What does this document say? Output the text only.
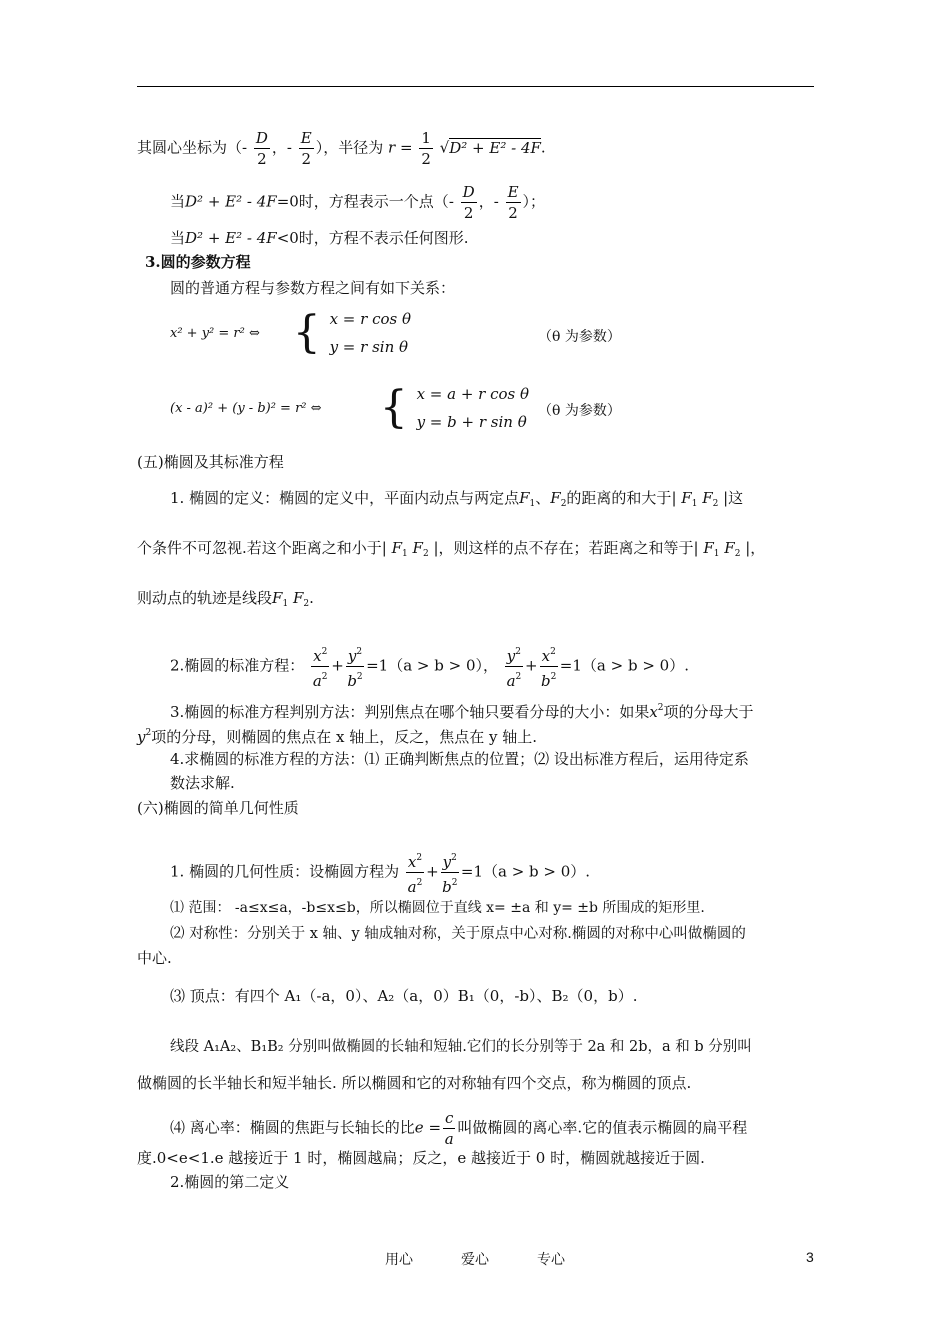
其圆心坐标为（- $\frac{D}{2}$ ，- $\frac{E}{2}$ ），半径为 $r = \frac{1}{2} √D^2 + E^2 - 4F$.
当D² + E² - 4F=0时，方程表示一个点（- $\frac{D}{2}$ ，- $\frac{E}{2}$ ）；
当D² + E² - 4F<0时，方程不表示任何图形.
3.圆的参数方程
圆的普通方程与参数方程之间有如下关系：
x² + y² = r² ⇔ { x = r cos θ
y = r sin θ
（θ 为参数）
(x - a)² + (y - b)² = r² ⇔ { x = a + r cos θ
y = b + r sin θ
（θ 为参数）
(五)椭圆及其标准方程
1. 椭圆的定义：椭圆的定义中，平面内动点与两定点$F_1$、$F_2$的距离的和大于| $F_1$ $F_2$ |这
个条件不可忽视.若这个距离之和小于| $F_1$ $F_2$ |，则这样的点不存在；若距离之和等于| $F_1$ $F_2$ |，
则动点的轨迹是线段$F_1$ $F_2$.
2.椭圆的标准方程： $\frac{x^2}{a^2} + \frac{y^2}{b^2} =1(a > b > 0)$， $\frac{y^2}{a^2} + \frac{x^2}{b^2} =1(a > b > 0)$.
3.椭圆的标准方程判别方法：判别焦点在哪个轴只要看分母的大小：如果$x^2$项的分母大于
$y^2$项的分母，则椭圆的焦点在 x 轴上，反之，焦点在 y 轴上.
4.求椭圆的标准方程的方法：⑴ 正确判断焦点的位置；⑵ 设出标准方程后，运用待定系
数法求解.
(六)椭圆的简单几何性质
1. 椭圆的几何性质：设椭圆方程为 $\frac{x^2}{a^2} + \frac{y^2}{b^2} =1(a > b > 0)$.
⑴ 范围： -a≤x≤a，-b≤x≤b，所以椭圆位于直线 x= ±a 和 y= ±b 所围成的矩形里.
⑵ 对称性：分别关于 x 轴、y 轴成轴对称，关于原点中心对称.椭圆的对称中心叫做椭圆的
中心.
⑶ 顶点：有四个 A₁（-a，0）、A₂（a，0）B₁（0，-b）、B₂（0，b）.
线段 A₁A₂、B₁B₂ 分别叫做椭圆的长轴和短轴.它们的长分别等于 2a 和 2b，a 和 b 分别叫
做椭圆的长半轴长和短半轴长. 所以椭圆和它的对称轴有四个交点，称为椭圆的顶点.
⑷ 离心率：椭圆的焦距与长轴长的比$e = \frac{c}{a}$ 叫做椭圆的离心率.它的值表示椭圆的扁平程
度.0<e<1.e 越接近于 1 时，椭圆越扁；反之，e 越接近于 0 时，椭圆就越接近于圆.
2.椭圆的第二定义
用心	爱心	专心	3
